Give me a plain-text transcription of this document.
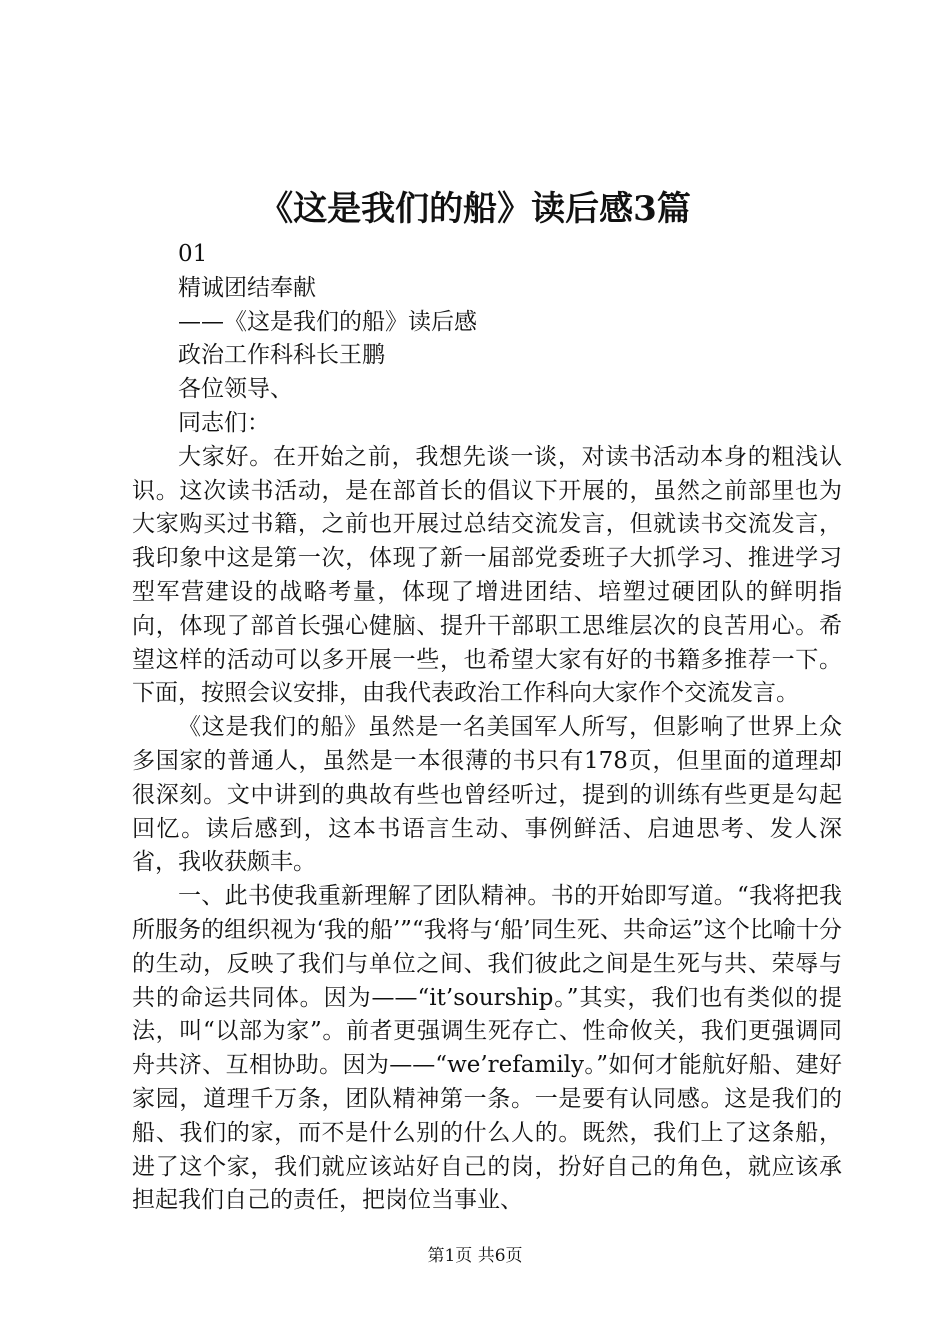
《这是我们的船》读后感3篇

01

精诚团结奉献

——《这是我们的船》读后感

政治工作科科长王鹏

各位领导、

同志们：

大家好。在开始之前，我想先谈一谈，对读书活动本身的粗浅认识。这次读书活动，是在部首长的倡议下开展的，虽然之前部里也为大家购买过书籍，之前也开展过总结交流发言，但就读书交流发言，我印象中这是第一次，体现了新一届部党委班子大抓学习、推进学习型军营建设的战略考量，体现了增进团结、培塑过硬团队的鲜明指向，体现了部首长强心健脑、提升干部职工思维层次的良苦用心。希望这样的活动可以多开展一些，也希望大家有好的书籍多推荐一下。下面，按照会议安排，由我代表政治工作科向大家作个交流发言。

《这是我们的船》虽然是一名美国军人所写，但影响了世界上众多国家的普通人，虽然是一本很薄的书只有178页，但里面的道理却很深刻。文中讲到的典故有些也曾经听过，提到的训练有些更是勾起回忆。读后感到，这本书语言生动、事例鲜活、启迪思考、发人深省，我收获颇丰。

一、此书使我重新理解了团队精神。书的开始即写道。“我将把我所服务的组织视为‘我的船’”“我将与‘船’同生死、共命运”这个比喻十分的生动，反映了我们与单位之间、我们彼此之间是生死与共、荣辱与共的命运共同体。因为——“it’sourship。”其实，我们也有类似的提法，叫“以部为家”。前者更强调生死存亡、性命攸关，我们更强调同舟共济、互相协助。因为——“we’refamily。”如何才能航好船、建好家园，道理千万条，团队精神第一条。一是要有认同感。这是我们的船、我们的家，而不是什么别的什么人的。既然，我们上了这条船，进了这个家，我们就应该站好自己的岗，扮好自己的角色，就应该承担起我们自己的责任，把岗位当事业、

第1页 共6页
